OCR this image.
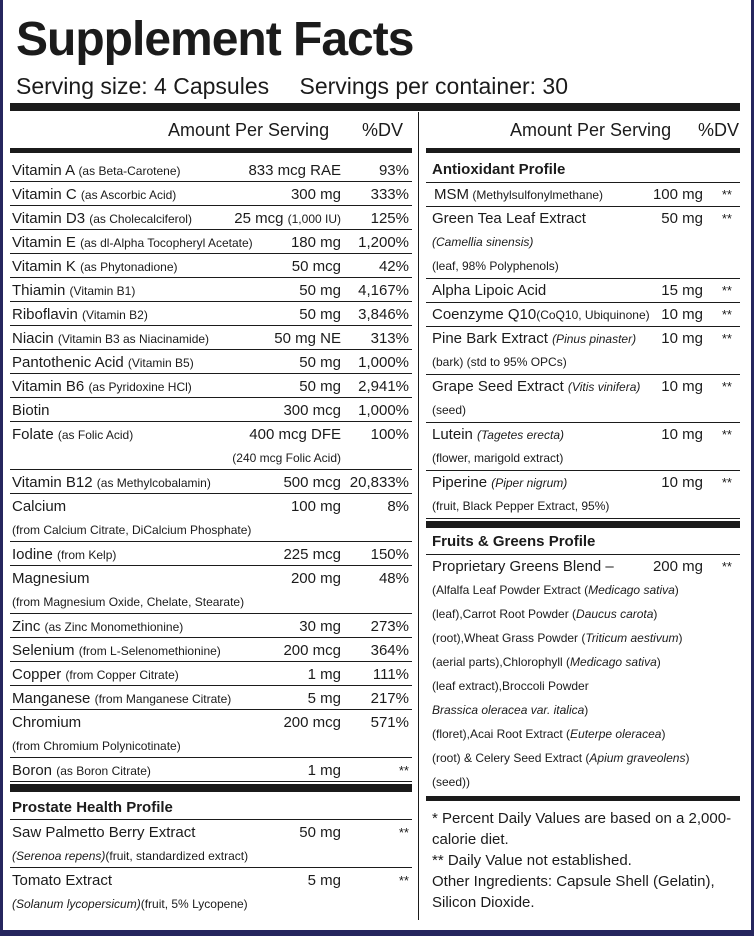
Supplement Facts
Serving size: 4 Capsules Servings per container: 30
Amount Per Serving %DV	Amount Per Serving %DV
Vitamin A (as Beta-Carotene)	833 mcg RAE	93%
Vitamin C (as Ascorbic Acid)	300 mg 333%
Vitamin D3 (as Cholecalciferol)	25 mcg (1,000 IU) 125%
Vitamin E (as dl-Alpha Tocopheryl Acetate)	180 mg 1,200%
Vitamin K (as Phytonadione)	50 mcg	42%
Thiamin (Vitamin B1)	50 mg 4,167%
Riboflavin (Vitamin B2)	50 mg 3,846%
Niacin (Vitamin B3 as Niacinamide)	50 mg NE 313%
Pantothenic Acid (Vitamin B5)	50 mg 1,000%
Vitamin B6 (as Pyridoxine HCl)	50 mg 2,941%
Biotin	300 mcg 1,000%
Folate (as Folic Acid)	400 mcg DFE 100%
(240 mcg Folic Acid)
Vitamin B12 (as Methylcobalamin)	500 mcg 20,833%
Calcium	100 mg	8%
(from Calcium Citrate, DiCalcium Phosphate)
Iodine (from Kelp)	225 mcg 150%
Magnesium	200 mg	48%
(from Magnesium Oxide, Chelate, Stearate)
Zinc (as Zinc Monomethionine)	30 mg 273%
Selenium (from L-Selenomethionine)	200 mcg 364%
Copper (from Copper Citrate)	1 mg 111%
Manganese (from Manganese Citrate)	5 mg 217%
Chromium	200 mcg 571%
(from Chromium Polynicotinate)
Boron (as Boron Citrate)	1 mg	**
Prostate Health Profile
Saw Palmetto Berry Extract	50 mg	**
(Serenoa repens)(fruit, standardized extract)
Tomato Extract	5 mg	**
(Solanum lycopersicum)(fruit, 5% Lycopene)
Antioxidant Profile
MSM (Methylsulfonylmethane)	100 mg **
Green Tea Leaf Extract	50 mg **
(Camellia sinensis)
(leaf, 98% Polyphenols)
Alpha Lipoic Acid	15 mg **
Coenzyme Q10(CoQ10, Ubiquinone) 10 mg **
Pine Bark Extract (Pinus pinaster) 10 mg **
(bark) (std to 95% OPCs)
Grape Seed Extract (Vitis vinifera) 10 mg **
(seed)
Lutein (Tagetes erecta)	10 mg **
(flower, marigold extract)
Piperine (Piper nigrum)	10 mg **
(fruit, Black Pepper Extract, 95%)
Fruits & Greens Profile
Proprietary Greens Blend –	200 mg **
(Alfalfa Leaf Powder Extract (Medicago sativa)
(leaf),Carrot Root Powder (Daucus carota)
(root),Wheat Grass Powder (Triticum aestivum)
(aerial parts),Chlorophyll (Medicago sativa)
(leaf extract),Broccoli Powder
Brassica oleracea var. italica)
(floret),Acai Root Extract (Euterpe oleracea)
(root) & Celery Seed Extract (Apium graveolens)
(seed))
* Percent Daily Values are based on a 2,000-calorie diet.
** Daily Value not established.
Other Ingredients: Capsule Shell (Gelatin), Silicon Dioxide.
